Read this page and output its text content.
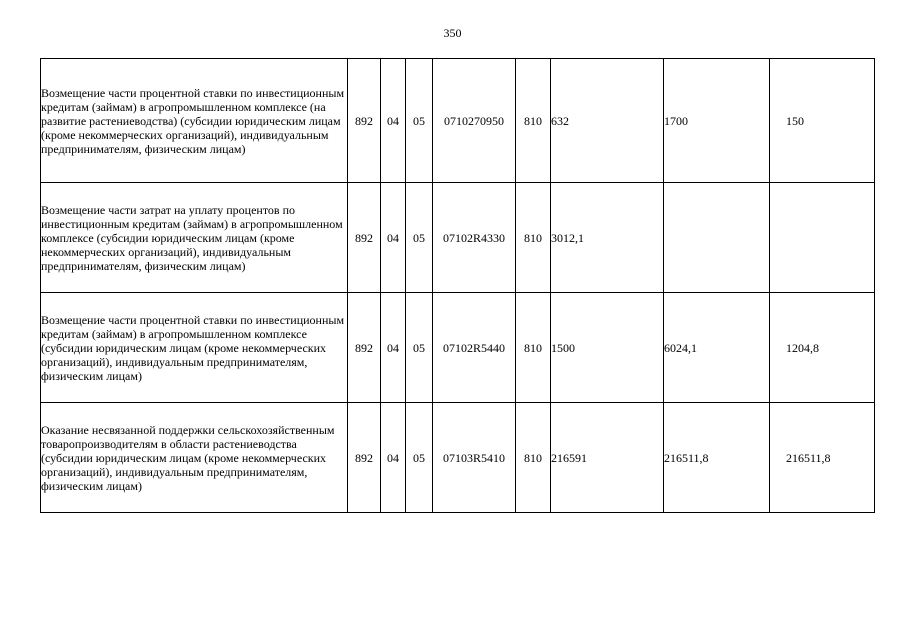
350
Возмещение части процентной ставки по инвестиционным кредитам (займам) в агропромышленном комплексе (на развитие растениеводства) (субсидии юридическим лицам (кроме некоммерческих организаций), индивидуальным предпринимателям, физическим лицам)	892	04	05	0710270950	810	632	1700	150
Возмещение части затрат на уплату процентов по инвестиционным кредитам (займам) в агропромышленном комплексе (субсидии юридическим лицам (кроме некоммерческих организаций), индивидуальным предпринимателям, физическим лицам)	892	04	05	07102R4330	810	3012,1		
Возмещение части процентной ставки по инвестиционным кредитам (займам) в агропромышленном комплексе (субсидии юридическим лицам (кроме некоммерческих организаций), индивидуальным предпринимателям, физическим лицам)	892	04	05	07102R5440	810	1500	6024,1	1204,8
Оказание несвязанной поддержки сельскохозяйственным товаропроизводителям в области растениеводства (субсидии юридическим лицам (кроме некоммерческих организаций), индивидуальным предпринимателям, физическим лицам)	892	04	05	07103R5410	810	216591	216511,8	216511,8
